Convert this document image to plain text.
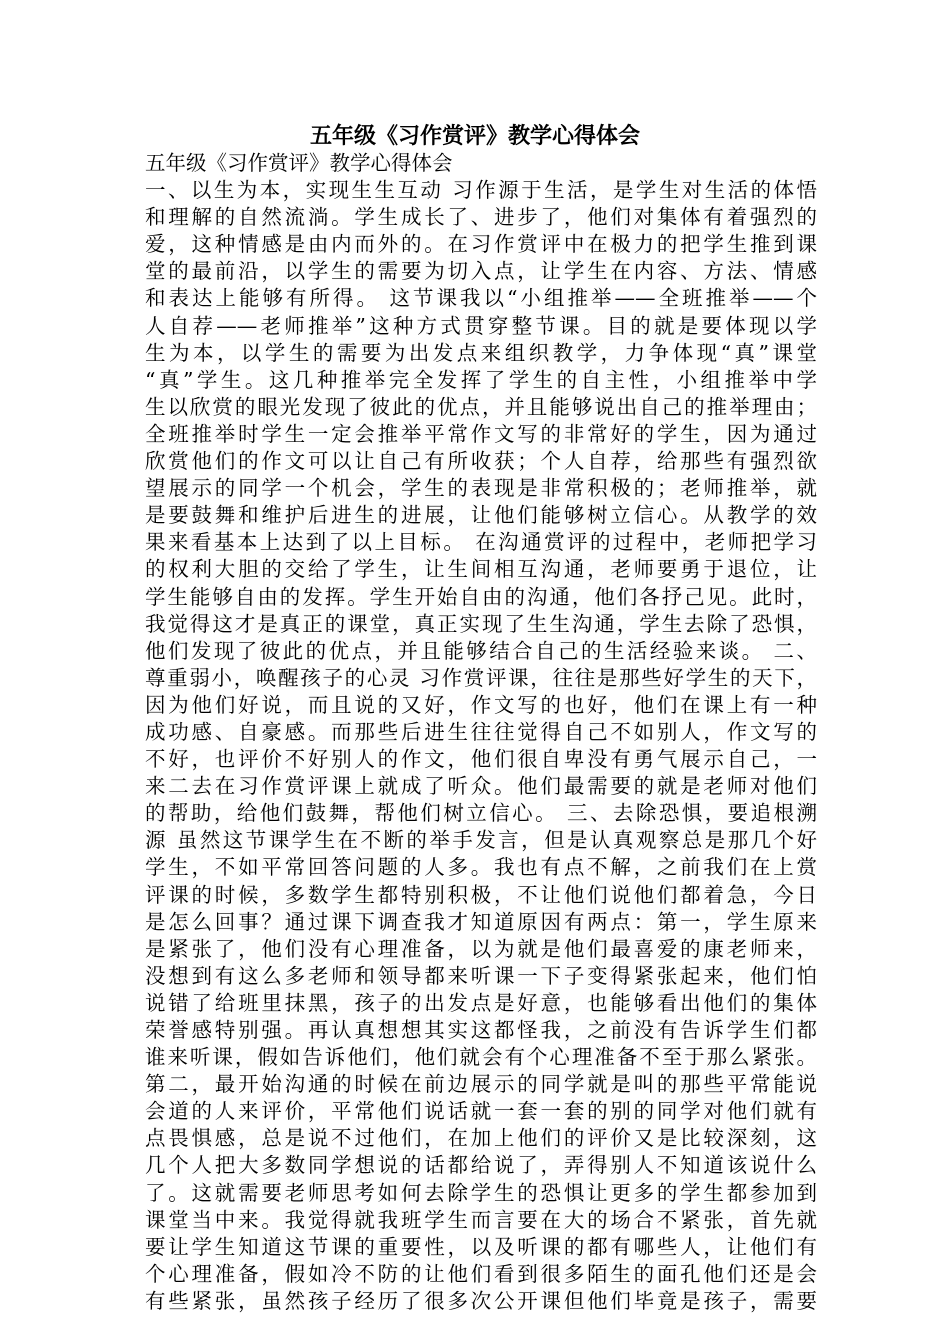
五年级《习作赏评》教学心得体会
五年级《习作赏评》教学心得体会
一、以生为本，实现生生互动 习作源于生活，是学生对生活的体悟
和理解的自然流淌。学生成长了、进步了，他们对集体有着强烈的
爱，这种情感是由内而外的。在习作赏评中在极力的把学生推到课
堂的最前沿，以学生的需要为切入点，让学生在内容、方法、情感
和表达上能够有所得。 这节课我以“小组推举——全班推举——个
人自荐——老师推举”这种方式贯穿整节课。目的就是要体现以学
生为本，以学生的需要为出发点来组织教学，力争体现“真”课堂
“真”学生。这几种推举完全发挥了学生的自主性，小组推举中学
生以欣赏的眼光发现了彼此的优点，并且能够说出自己的推举理由；
全班推举时学生一定会推举平常作文写的非常好的学生，因为通过
欣赏他们的作文可以让自己有所收获；个人自荐，给那些有强烈欲
望展示的同学一个机会，学生的表现是非常积极的；老师推举，就
是要鼓舞和维护后进生的进展，让他们能够树立信心。从教学的效
果来看基本上达到了以上目标。 在沟通赏评的过程中，老师把学习
的权利大胆的交给了学生，让生间相互沟通，老师要勇于退位，让
学生能够自由的发挥。学生开始自由的沟通，他们各抒己见。此时，
我觉得这才是真正的课堂，真正实现了生生沟通，学生去除了恐惧，
他们发现了彼此的优点，并且能够结合自己的生活经验来谈。 二、
尊重弱小，唤醒孩子的心灵 习作赏评课，往往是那些好学生的天下，
因为他们好说，而且说的又好，作文写的也好，他们在课上有一种
成功感、自豪感。而那些后进生往往觉得自己不如别人，作文写的
不好，也评价不好别人的作文，他们很自卑没有勇气展示自己，一
来二去在习作赏评课上就成了听众。他们最需要的就是老师对他们
的帮助，给他们鼓舞，帮他们树立信心。 三、去除恐惧，要追根溯
源 虽然这节课学生在不断的举手发言，但是认真观察总是那几个好
学生，不如平常回答问题的人多。我也有点不解，之前我们在上赏
评课的时候，多数学生都特别积极，不让他们说他们都着急，今日
是怎么回事？通过课下调查我才知道原因有两点：第一，学生原来
是紧张了，他们没有心理准备，以为就是他们最喜爱的康老师来，
没想到有这么多老师和领导都来听课一下子变得紧张起来，他们怕
说错了给班里抹黑，孩子的出发点是好意，也能够看出他们的集体
荣誉感特别强。再认真想想其实这都怪我，之前没有告诉学生们都
谁来听课，假如告诉他们，他们就会有个心理准备不至于那么紧张。
第二，最开始沟通的时候在前边展示的同学就是叫的那些平常能说
会道的人来评价，平常他们说话就一套一套的别的同学对他们就有
点畏惧感，总是说不过他们，在加上他们的评价又是比较深刻，这
几个人把大多数同学想说的话都给说了，弄得别人不知道该说什么
了。这就需要老师思考如何去除学生的恐惧让更多的学生都参加到
课堂当中来。我觉得就我班学生而言要在大的场合不紧张，首先就
要让学生知道这节课的重要性，以及听课的都有哪些人，让他们有
个心理准备，假如冷不防的让他们看到很多陌生的面孔他们还是会
有些紧张，虽然孩子经历了很多次公开课但他们毕竟是孩子，需要
